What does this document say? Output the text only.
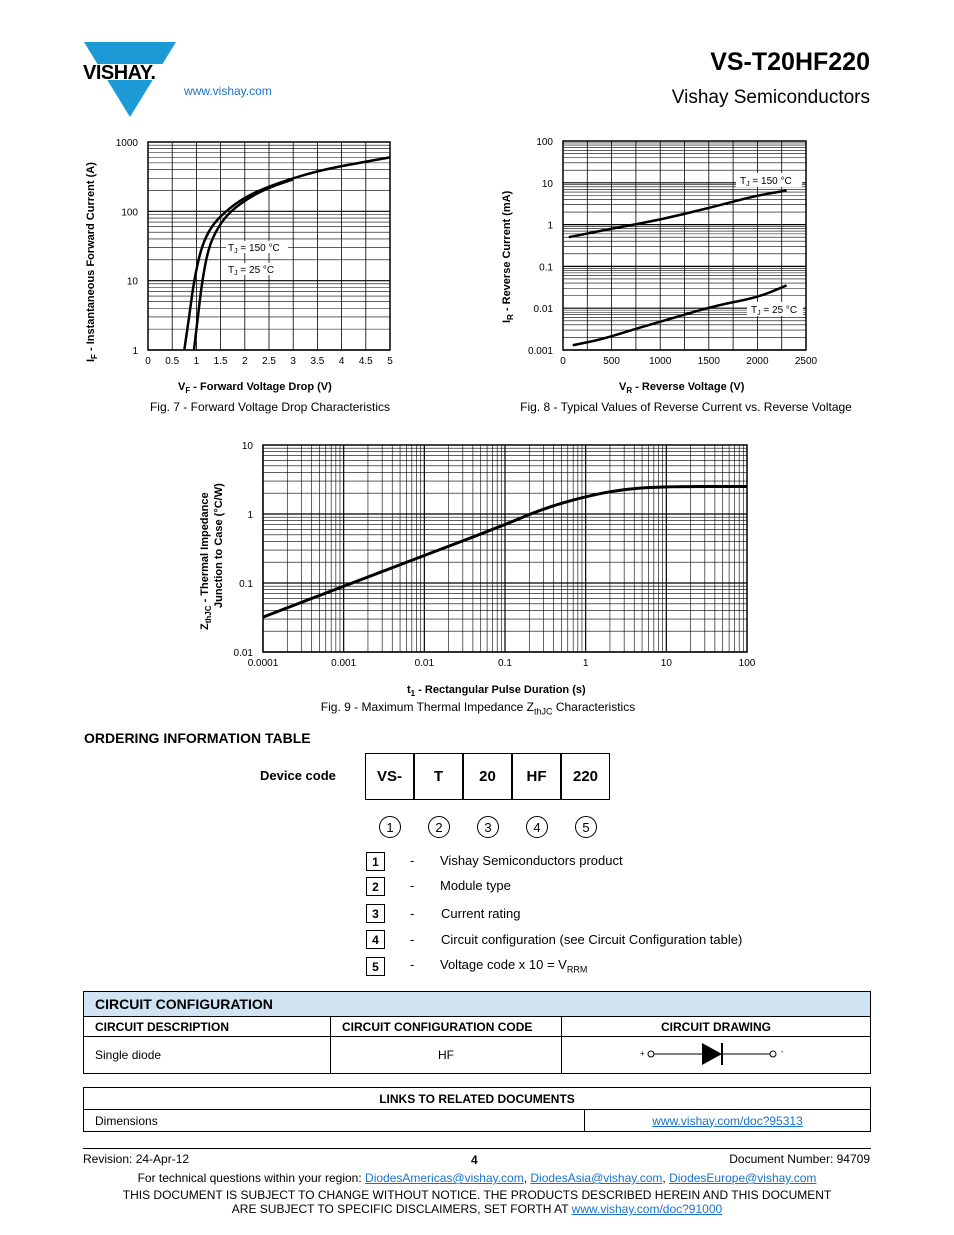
VISHAY.
www.vishay.com
VS-T20HF220
Vishay Semiconductors
0 0.5 1 1.5 2 2.5 3 3.5 4 4.5 5
1
10
100
1000
$T_J = 150$ °C
$T_J = 25$ °C
$V_F$ - Forward Voltage Drop (V)
$I_F$ - Instantaneous Forward Current (A)
Fig. 7 - Forward Voltage Drop Characteristics
0	500	1000	1500	2000	2500
0.001
0.01
0.1
1
10
100
$T_J = 150$ °C
$T_J = 25$ °C
$V_R$ - Reverse Voltage (V)
$I_R$ - Reverse Current (mA)
Fig. 8 - Typical Values of Reverse Current vs. Reverse Voltage
0.0001	0.001	0.01	0.1	1	10	100
0.01
0.1
1
10
$t_1$ - Rectangular Pulse Duration (s)
$Z_{thJC}$ - Thermal Impedance Junction to Case (°C/W)
Fig. 9 - Maximum Thermal Impedance $Z_{thJC}$ Characteristics
ORDERING INFORMATION TABLE
Device code	VS-	T	20	HF	220
1	2	3	4	5
1	- Vishay Semiconductors product
2	- Module type
3	- Current rating
4	- Circuit configuration (see Circuit Configuration table)
5	- Voltage code x $10 = V_{RRM}$
CIRCUIT CONFIGURATION		
CIRCUIT DESCRIPTION	CIRCUIT CONFIGURATION CODE	CIRCUIT DRAWING
Single diode	HF	+ -
LINKS TO RELATED DOCUMENTS
Dimensions	www.vishay.com/doc?95313
Revision: 24-Apr-12	4	Document Number: 94709
For technical questions within your region: DiodesAmericas@vishay.com, DiodesAsia@vishay.com, DiodesEurope@vishay.com
THIS DOCUMENT IS SUBJECT TO CHANGE WITHOUT NOTICE. THE PRODUCTS DESCRIBED HEREIN AND THIS DOCUMENT
ARE SUBJECT TO SPECIFIC DISCLAIMERS, SET FORTH AT www.vishay.com/doc?91000
